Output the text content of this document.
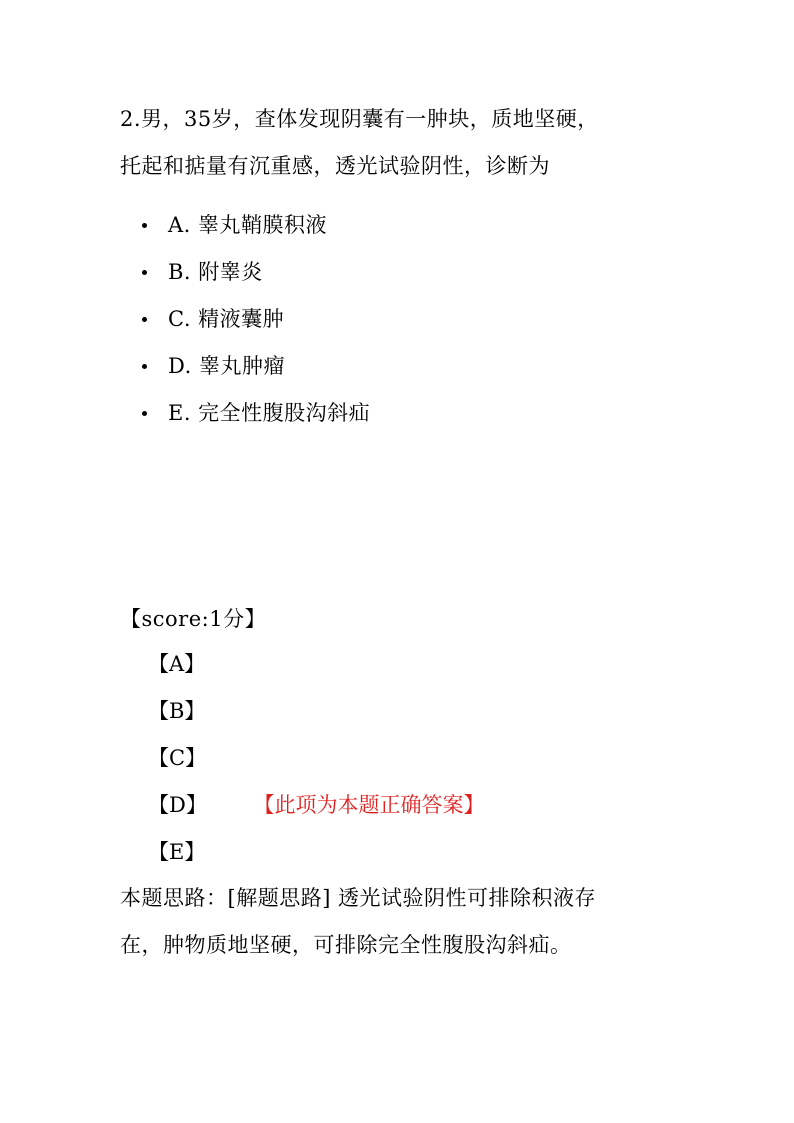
2.男，35岁，查体发现阴囊有一肿块，质地坚硬，
托起和掂量有沉重感，透光试验阴性，诊断为
A. 睾丸鞘膜积液
B. 附睾炎
C. 精液囊肿
D. 睾丸肿瘤
E. 完全性腹股沟斜疝
【score:1分】
【A】
【B】
【C】
【D】 【此项为本题正确答案】
【E】
本题思路：[解题思路] 透光试验阴性可排除积液存
在，肿物质地坚硬，可排除完全性腹股沟斜疝。
